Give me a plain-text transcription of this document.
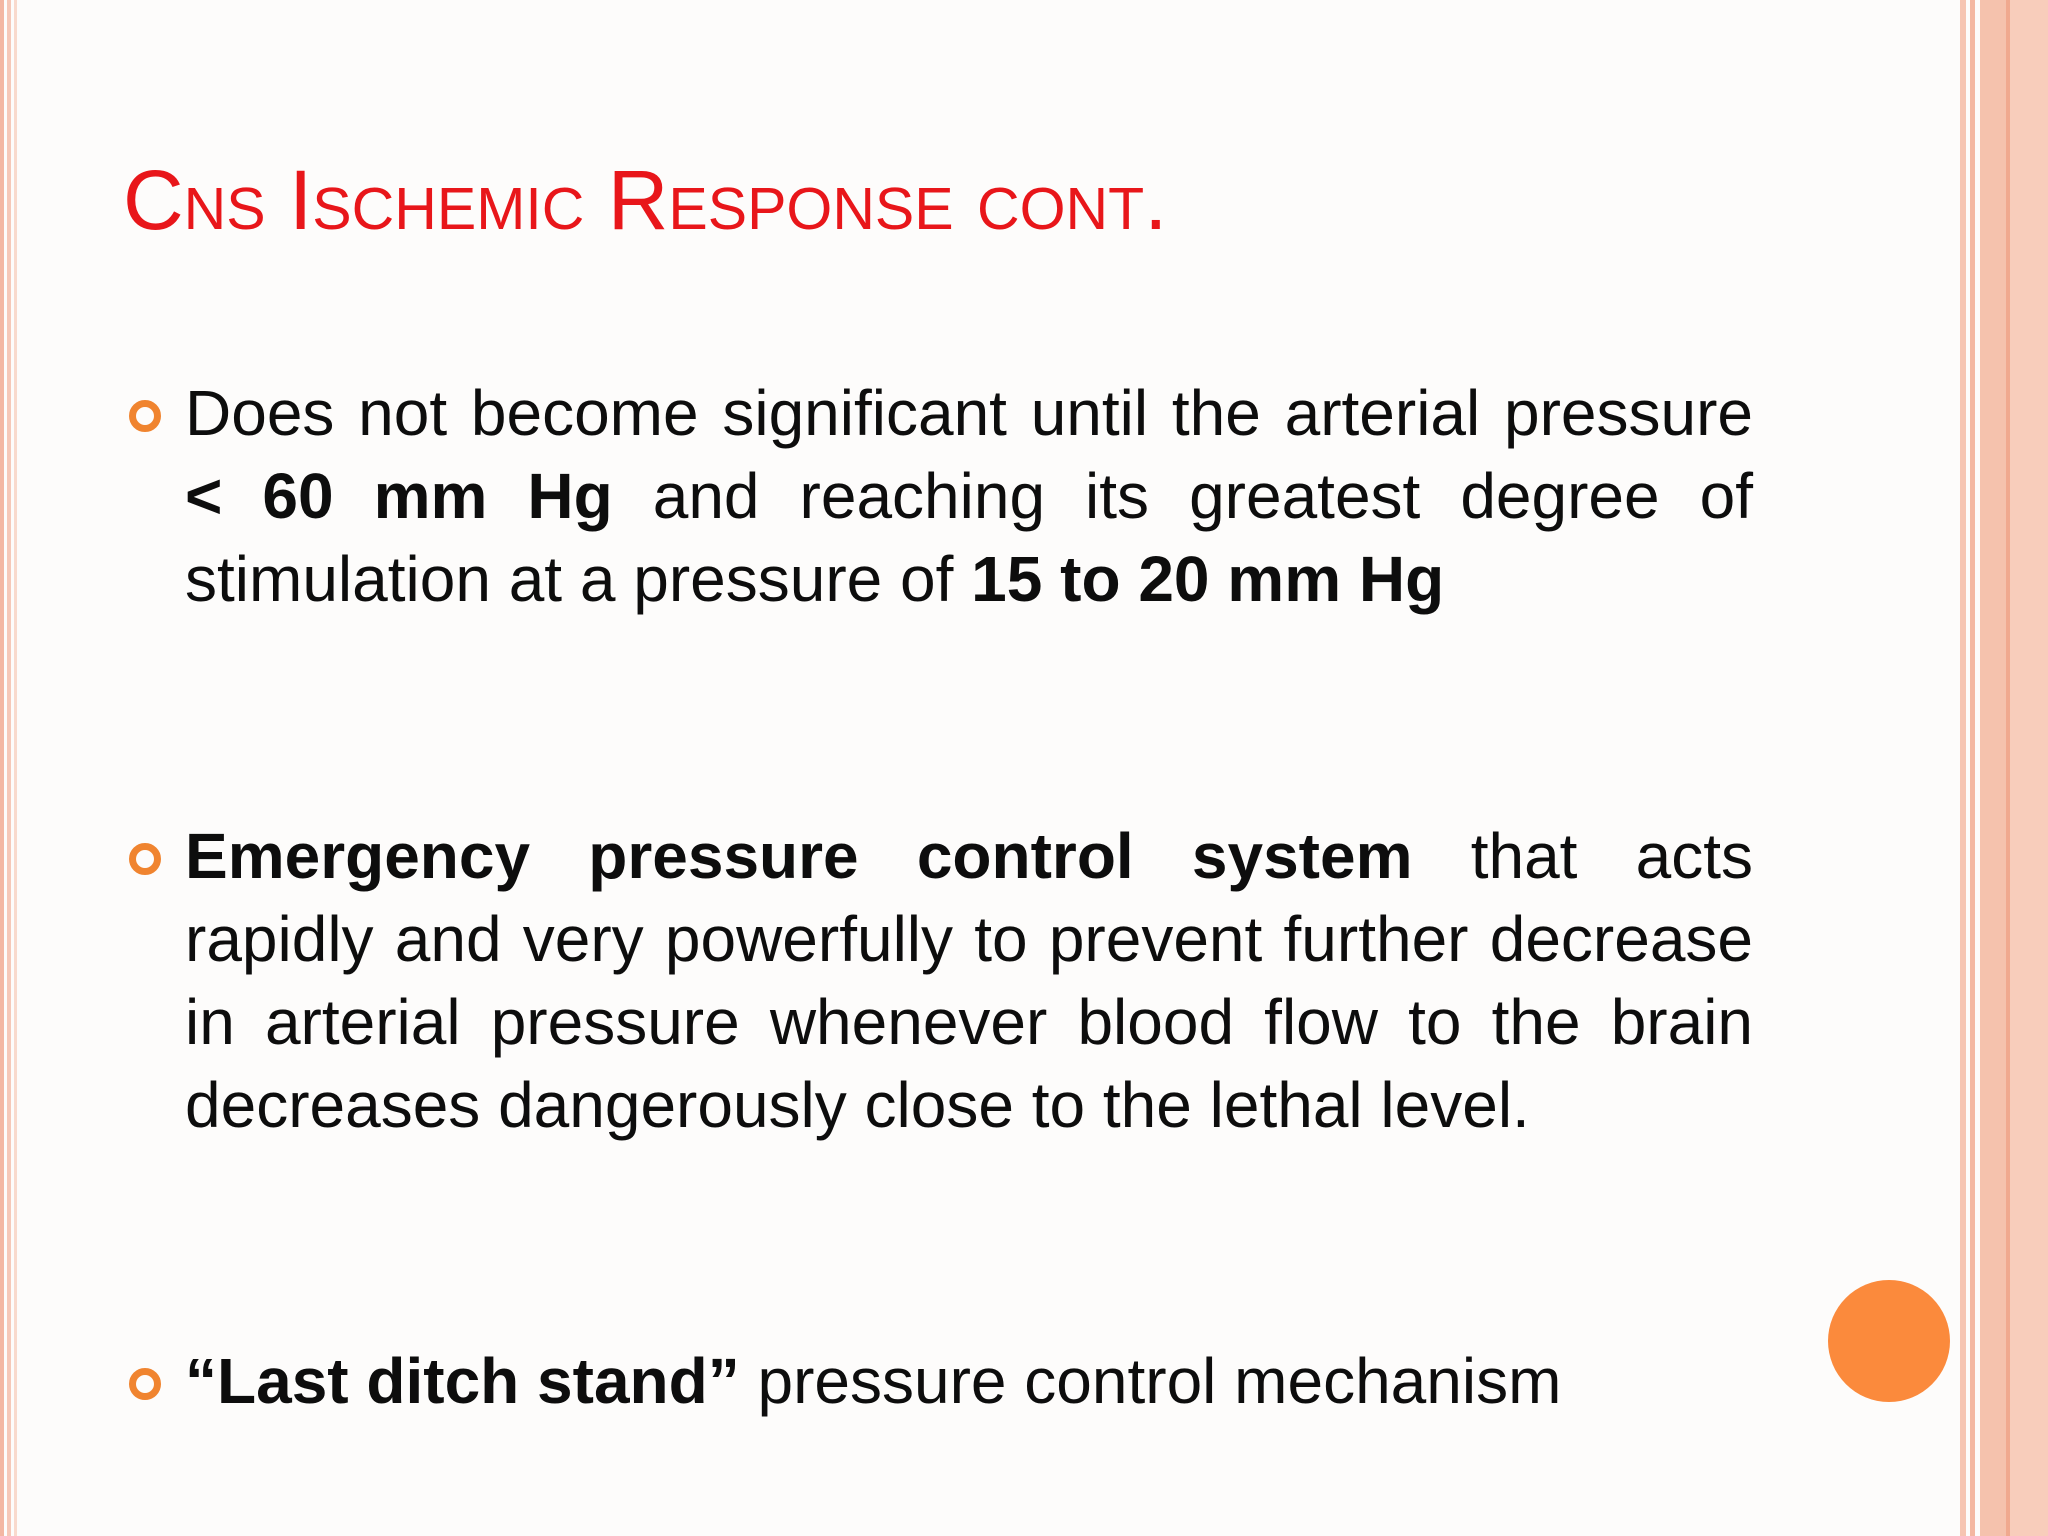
Cns Ischemic Response cont.
Does not become significant until the arterial pressure < 60 mm Hg and reaching its greatest degree of stimulation at a pressure of 15 to 20 mm Hg
Emergency pressure control system that acts rapidly and very powerfully to prevent further decrease in arterial pressure whenever blood flow to the brain decreases dangerously close to the lethal level.
“Last ditch stand” pressure control mechanism
